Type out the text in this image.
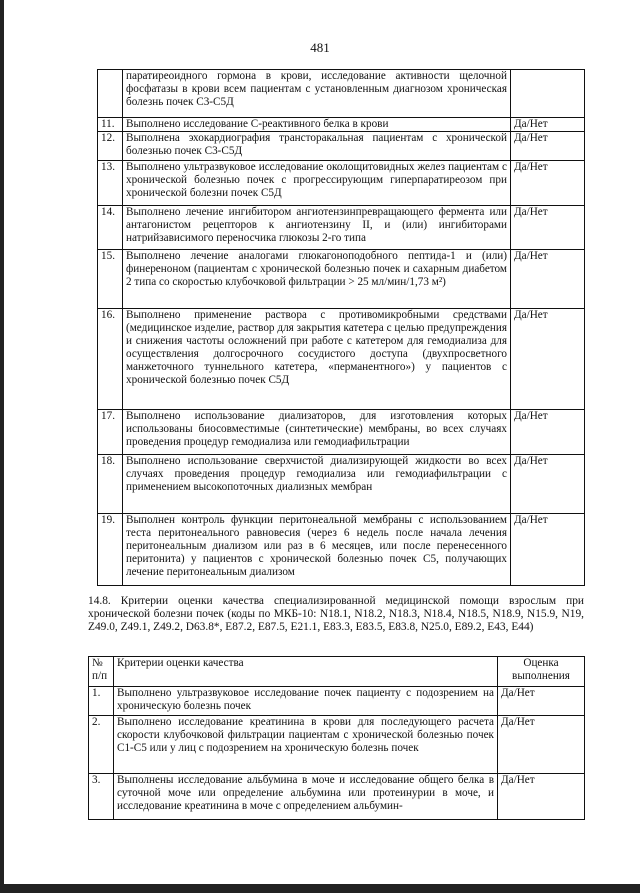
481
	паратиреоидного гормона в крови, исследование активности щелочной фосфатазы в крови всем пациентам с установленным диагнозом хроническая болезнь почек С3-С5Д	
11.	Выполнено исследование С-реактивного белка в крови	Да/Нет
12.	Выполнена эхокардиография трансторакальная пациентам с хронической болезнью почек С3-С5Д	Да/Нет
13.	Выполнено ультразвуковое исследование околощитовидных желез пациентам с хронической болезнью почек с прогрессирующим гиперпаратиреозом при хронической болезни почек С5Д	Да/Нет
14.	Выполнено лечение ингибитором ангиотензинпревращающего фермента или антагонистом рецепторов к ангиотензину II, и (или) ингибиторами натрийзависимого переносчика глюкозы 2-го типа	Да/Нет
15.	Выполнено лечение аналогами глюкагоноподобного пептида-1 и (или) финереноном (пациентам с хронической болезнью почек и сахарным диабетом 2 типа со скоростью клубочковой фильтрации > 25 мл/мин/1,73 м²)	Да/Нет
16.	Выполнено применение раствора с противомикробными средствами (медицинское изделие, раствор для закрытия катетера с целью предупреждения и снижения частоты осложнений при работе с катетером для гемодиализа для осуществления долгосрочного сосудистого доступа (двухпросветного манжеточного туннельного катетера, «перманентного») у пациентов с хронической болезнью почек С5Д	Да/Нет
17.	Выполнено использование диализаторов, для изготовления которых использованы биосовместимые (синтетические) мембраны, во всех случаях проведения процедур гемодиализа или гемодиафильтрации	Да/Нет
18.	Выполнено использование сверхчистой диализирующей жидкости во всех случаях проведения процедур гемодиализа или гемодиафильтрации с применением высокопоточных диализных мембран	Да/Нет
19.	Выполнен контроль функции перитонеальной мембраны с использованием теста перитонеального равновесия (через 6 недель после начала лечения перитонеальным диализом или раз в 6 месяцев, или после перенесенного перитонита) у пациентов с хронической болезнью почек С5, получающих лечение перитонеальным диализом	Да/Нет
14.8. Критерии оценки качества специализированной медицинской помощи взрослым при хронической болезни почек (коды по МКБ-10: N18.1, N18.2, N18.3, N18.4, N18.5, N18.9, N15.9, N19, Z49.0, Z49.1, Z49.2, D63.8*, E87.2, E87.5, E21.1, E83.3, E83.5, E83.8, N25.0, E89.2, E43, E44)
№ п/п	Критерии оценки качества	Оценка выполнения
1.	Выполнено ультразвуковое исследование почек пациенту с подозрением на хроническую болезнь почек	Да/Нет
2.	Выполнено исследование креатинина в крови для последующего расчета скорости клубочковой фильтрации пациентам с хронической болезнью почек С1-С5 или у лиц с подозрением на хроническую болезнь почек	Да/Нет
3.	Выполнены исследование альбумина в моче и исследование общего белка в суточной моче или определение альбумина или протеинурии в моче, и исследование креатинина в моче с определением альбумин-	Да/Нет
